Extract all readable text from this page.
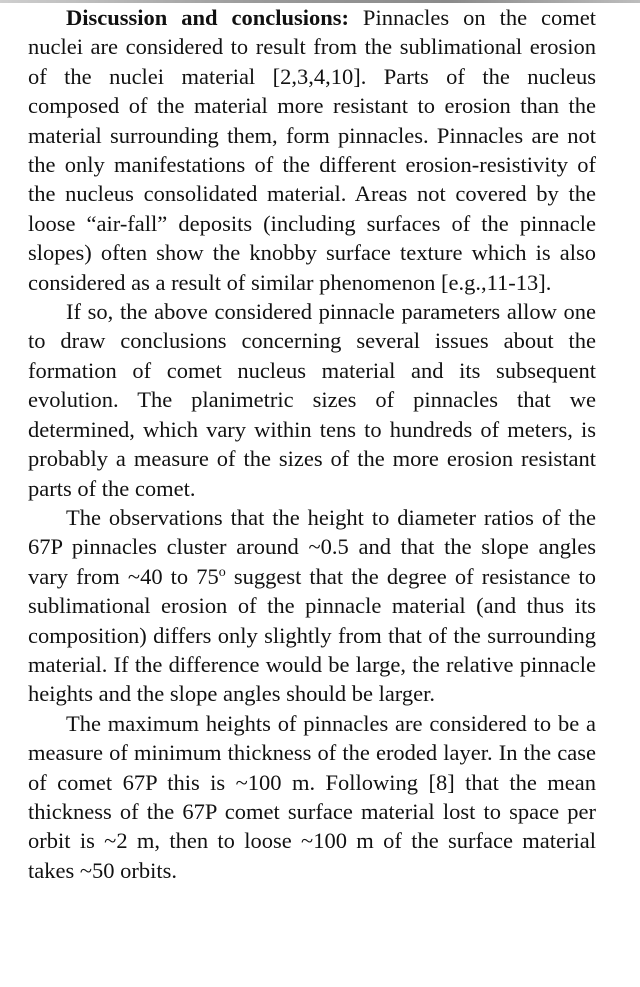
Discussion and conclusions: Pinnacles on the comet nuclei are considered to result from the sublimational erosion of the nuclei material [2,3,4,10]. Parts of the nucleus composed of the material more resistant to erosion than the material surrounding them, form pinnacles. Pinnacles are not the only manifestations of the different erosion-resistivity of the nucleus consolidated material. Areas not covered by the loose “air-fall” deposits (including surfaces of the pinnacle slopes) often show the knobby surface texture which is also considered as a result of similar phenomenon [e.g.,11-13].

If so, the above considered pinnacle parameters allow one to draw conclusions concerning several issues about the formation of comet nucleus material and its subsequent evolution. The planimetric sizes of pinnacles that we determined, which vary within tens to hundreds of meters, is probably a measure of the sizes of the more erosion resistant parts of the comet.

The observations that the height to diameter ratios of the 67P pinnacles cluster around ~0.5 and that the slope angles vary from ~40 to 75$^o$ suggest that the degree of resistance to sublimational erosion of the pinnacle material (and thus its composition) differs only slightly from that of the surrounding material. If the difference would be large, the relative pinnacle heights and the slope angles should be larger.

The maximum heights of pinnacles are considered to be a measure of minimum thickness of the eroded layer. In the case of comet 67P this is ~100 m. Following [8] that the mean thickness of the 67P comet surface material lost to space per orbit is ~2 m, then to loose ~100 m of the surface material takes ~50 orbits.
